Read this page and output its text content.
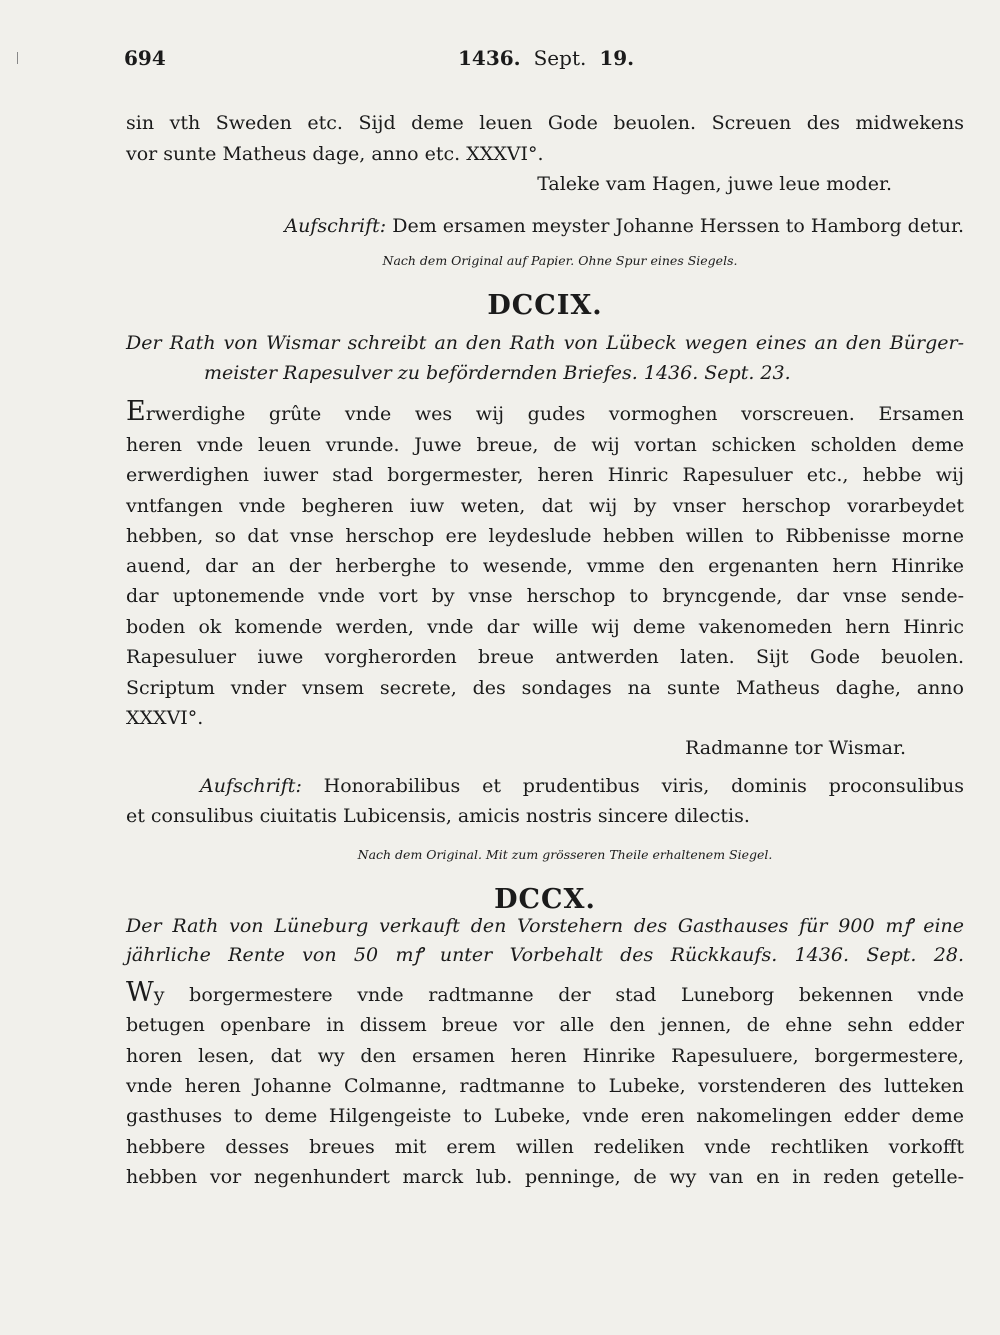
694	1436. Sept. 19.
sin vth Sweden etc. Sijd deme leuen Gode beuolen. Screuen des midwekens
vor sunte Matheus dage, anno etc. XXXVI°.
Taleke vam Hagen, juwe leue moder.
Aufschrift: Dem ersamen meyster Johanne Herssen to Hamborg detur.
Nach dem Original auf Papier. Ohne Spur eines Siegels.
DCCIX.
Der Rath von Wismar schreibt an den Rath von Lübeck wegen eines an den Bürger-
meister Rapesulver zu befördernden Briefes. 1436. Sept. 23.
Erwerdighe grûte vnde wes wij gudes vormoghen vorscreuen. Ersamen
heren vnde leuen vrunde. Juwe breue, de wij vortan schicken scholden deme
erwerdighen iuwer stad borgermester, heren Hinric Rapesuluer etc., hebbe wij
vntfangen vnde begheren iuw weten, dat wij by vnser herschop vorarbeydet
hebben, so dat vnse herschop ere leydeslude hebben willen to Ribbenisse morne
auend, dar an der herberghe to wesende, vmme den ergenanten hern Hinrike
dar uptonemende vnde vort by vnse herschop to bryncgende, dar vnse sende-
boden ok komende werden, vnde dar wille wij deme vakenomeden hern Hinric
Rapesuluer iuwe vorgherorden breue antwerden laten. Sijt Gode beuolen.
Scriptum vnder vnsem secrete, des sondages na sunte Matheus daghe, anno
XXXVI°.
Radmanne tor Wismar.
Aufschrift: Honorabilibus et prudentibus viris, dominis proconsulibus
et consulibus ciuitatis Lubicensis, amicis nostris sincere dilectis.
Nach dem Original. Mit zum grösseren Theile erhaltenem Siegel.
DCCX.
Der Rath von Lüneburg verkauft den Vorstehern des Gasthauses für 900 mꝭ eine
jährliche Rente von 50 mꝭ unter Vorbehalt des Rückkaufs. 1436. Sept. 28.
Wy borgermestere vnde radtmanne der stad Luneborg bekennen vnde
betugen openbare in dissem breue vor alle den jennen, de ehne sehn edder
horen lesen, dat wy den ersamen heren Hinrike Rapesuluere, borgermestere,
vnde heren Johanne Colmanne, radtmanne to Lubeke, vorstenderen des lutteken
gasthuses to deme Hilgengeiste to Lubeke, vnde eren nakomelingen edder deme
hebbere desses breues mit erem willen redeliken vnde rechtliken vorkofft
hebben vor negenhundert marck lub. penninge, de wy van en in reden getelle-
